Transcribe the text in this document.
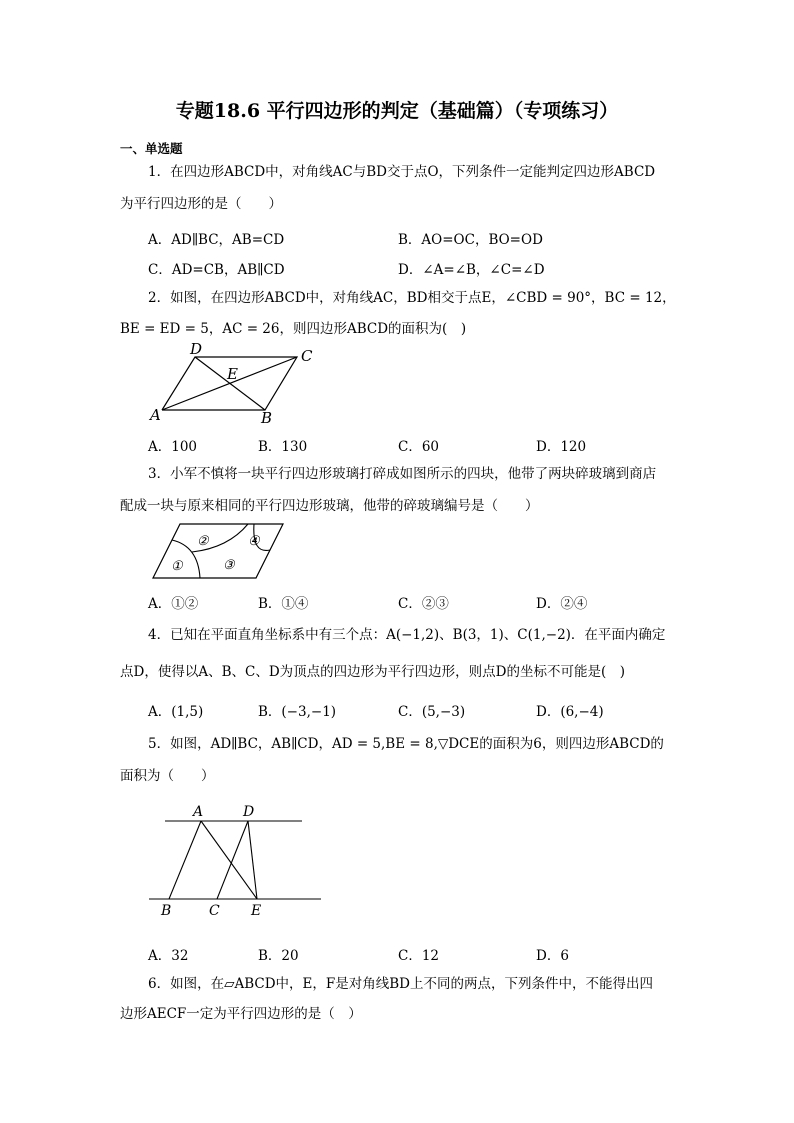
专题18.6 平行四边形的判定（基础篇）（专项练习）
一、单选题
1．在四边形ABCD中，对角线AC与BD交于点O，下列条件一定能判定四边形ABCD
为平行四边形的是（　　）
A．AD∥BC，AB=CD	B．AO=OC，BO=OD
C．AD=CB，AB∥CD	D．∠A=∠B，∠C=∠D
2．如图，在四边形ABCD中，对角线AC，BD相交于点E，∠CBD = 90°，BC = 12，
BE = ED = 5，AC = 26，则四边形ABCD的面积为(　)
A	B
C
D
E
A．100	B．130	C．60	D．120
3．小军不慎将一块平行四边形玻璃打碎成如图所示的四块，他带了两块碎玻璃到商店
配成一块与原来相同的平行四边形玻璃，他带的碎玻璃编号是（　　）
①
②
③
④
A．①②	B．①④	C．②③	D．②④
4．已知在平面直角坐标系中有三个点：A(−1,2)、B(3，1)、C(1,−2)．在平面内确定
点D，使得以A、B、C、D为顶点的四边形为平行四边形，则点D的坐标不可能是(　)
A．(1,5)	B．(−3,−1)	C．(5,−3)	D．(6,−4)
5．如图，AD∥BC，AB∥CD，AD = 5,BE = 8,▽DCE的面积为6，则四边形ABCD的
面积为（　　）
A	D
B	C E
A．32	B．20	C．12	D．6
6．如图，在▱ABCD中，E，F是对角线BD上不同的两点，下列条件中，不能得出四
边形AECF一定为平行四边形的是（　）
